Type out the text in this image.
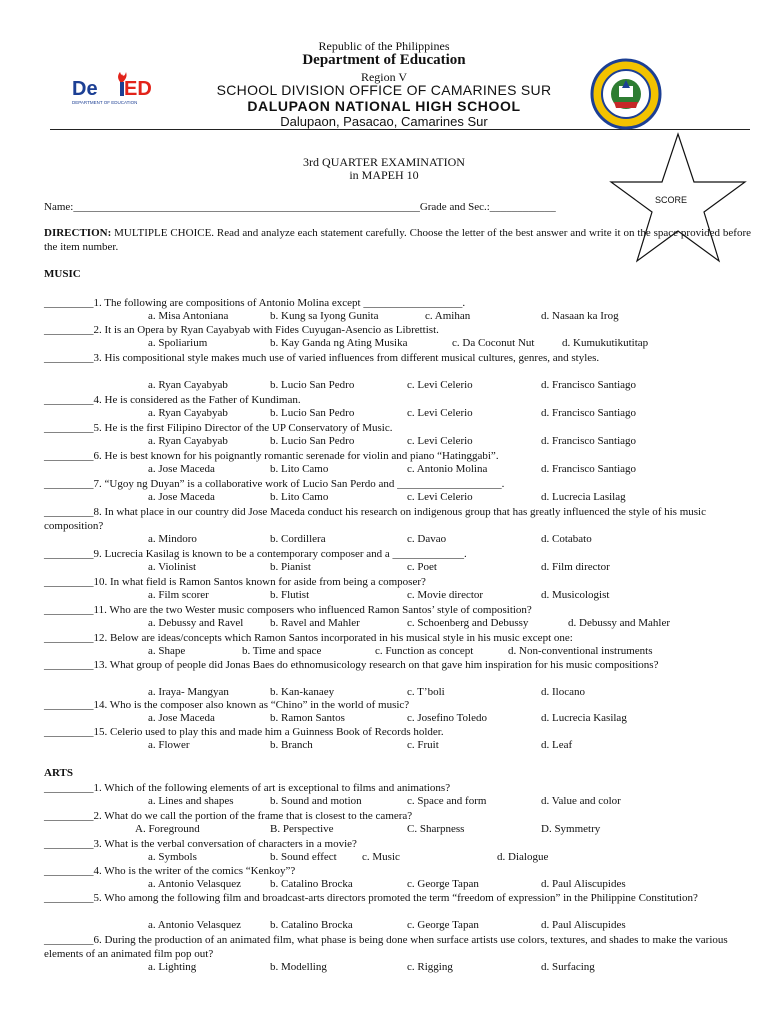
Republic of the Philippines
Department of Education
Region V
SCHOOL DIVISION OFFICE OF CAMARINES SUR
DALUPAON NATIONAL HIGH SCHOOL
Dalupaon, Pasacao, Camarines Sur
De ED
DEPARTMENT OF EDUCATION
3rd QUARTER EXAMINATION
in MAPEH 10
SCORE
Name:_______________________________________________________________Grade and Sec.:____________
DIRECTION: MULTIPLE CHOICE. Read and analyze each statement carefully. Choose the letter of the best answer and write it on the space provided before the item number.
MUSIC
_________1. The following are compositions of Antonio Molina except __________________.
a. Misa Antoniana	b. Kung sa Iyong Gunita	c. Amihan	d. Nasaan ka Irog
_________2. It is an Opera by Ryan Cayabyab with Fides Cuyugan-Asencio as Librettist.
a. Spoliarium	b. Kay Ganda ng Ating Musika	c. Da Coconut Nut	d. Kumukutikutitap
_________3. His compositional style makes much use of varied influences from different musical cultures, genres, and styles.
a. Ryan Cayabyab	b. Lucio San Pedro	c. Levi Celerio	d. Francisco Santiago
_________4. He is considered as the Father of Kundiman.
a. Ryan Cayabyab	b. Lucio San Pedro	c. Levi Celerio	d. Francisco Santiago
_________5. He is the first Filipino Director of the UP Conservatory of Music.
a. Ryan Cayabyab	b. Lucio San Pedro	c. Levi Celerio	d. Francisco Santiago
_________6. He is best known for his poignantly romantic serenade for violin and piano “Hatinggabi”.
a. Jose Maceda	b. Lito Camo	c. Antonio Molina	d. Francisco Santiago
_________7. “Ugoy ng Duyan” is a collaborative work of Lucio San Perdo and ___________________.
a. Jose Maceda	b. Lito Camo	c. Levi Celerio	d. Lucrecia Lasilag
_________8. In what place in our country did Jose Maceda conduct his research on indigenous group that has greatly influenced the style of his music composition?
a. Mindoro	b. Cordillera	c. Davao	d. Cotabato
_________9. Lucrecia Kasilag is known to be a contemporary composer and a _____________.
a. Violinist	b. Pianist	c. Poet	d. Film director
_________10. In what field is Ramon Santos known for aside from being a composer?
a. Film scorer	b. Flutist	c. Movie director	d. Musicologist
_________11. Who are the two Wester music composers who influenced Ramon Santos’ style of composition?
a. Debussy and Ravel b. Ravel and Mahler	c. Schoenberg and Debussy	d. Debussy and Mahler
_________12. Below are ideas/concepts which Ramon Santos incorporated in his musical style in his music except one:
a. Shape	b. Time and space	c. Function as concept	d. Non-conventional instruments
_________13. What group of people did Jonas Baes do ethnomusicology research on that gave him inspiration for his music compositions?
a. Iraya- Mangyan	b. Kan-kanaey	c. T’boli	d. Ilocano
_________14. Who is the composer also known as “Chino” in the world of music?
a. Jose Maceda	b. Ramon Santos	c. Josefino Toledo	d. Lucrecia Kasilag
_________15. Celerio used to play this and made him a Guinness Book of Records holder.
a. Flower	b. Branch	c. Fruit	d. Leaf
ARTS
_________1. Which of the following elements of art is exceptional to films and animations?
a. Lines and shapes	b. Sound and motion	c. Space and form	d. Value and color
_________2. What do we call the portion of the frame that is closest to the camera?
A. Foreground	B. Perspective	C. Sharpness	D. Symmetry
_________3. What is the verbal conversation of characters in a movie?
a. Symbols	b. Sound effect c. Music	d. Dialogue
_________4. Who is the writer of the comics “Kenkoy”?
a. Antonio Velasquez	b. Catalino Brocka	c. George Tapan	d. Paul Aliscupides
_________5. Who among the following film and broadcast-arts directors promoted the term “freedom of expression” in the Philippine Constitution?
a. Antonio Velasquez	b. Catalino Brocka	c. George Tapan	d. Paul Aliscupides
_________6. During the production of an animated film, what phase is being done when surface artists use colors, textures, and shades to make the various elements of an animated film pop out?
a. Lighting	b. Modelling	c. Rigging	d. Surfacing
